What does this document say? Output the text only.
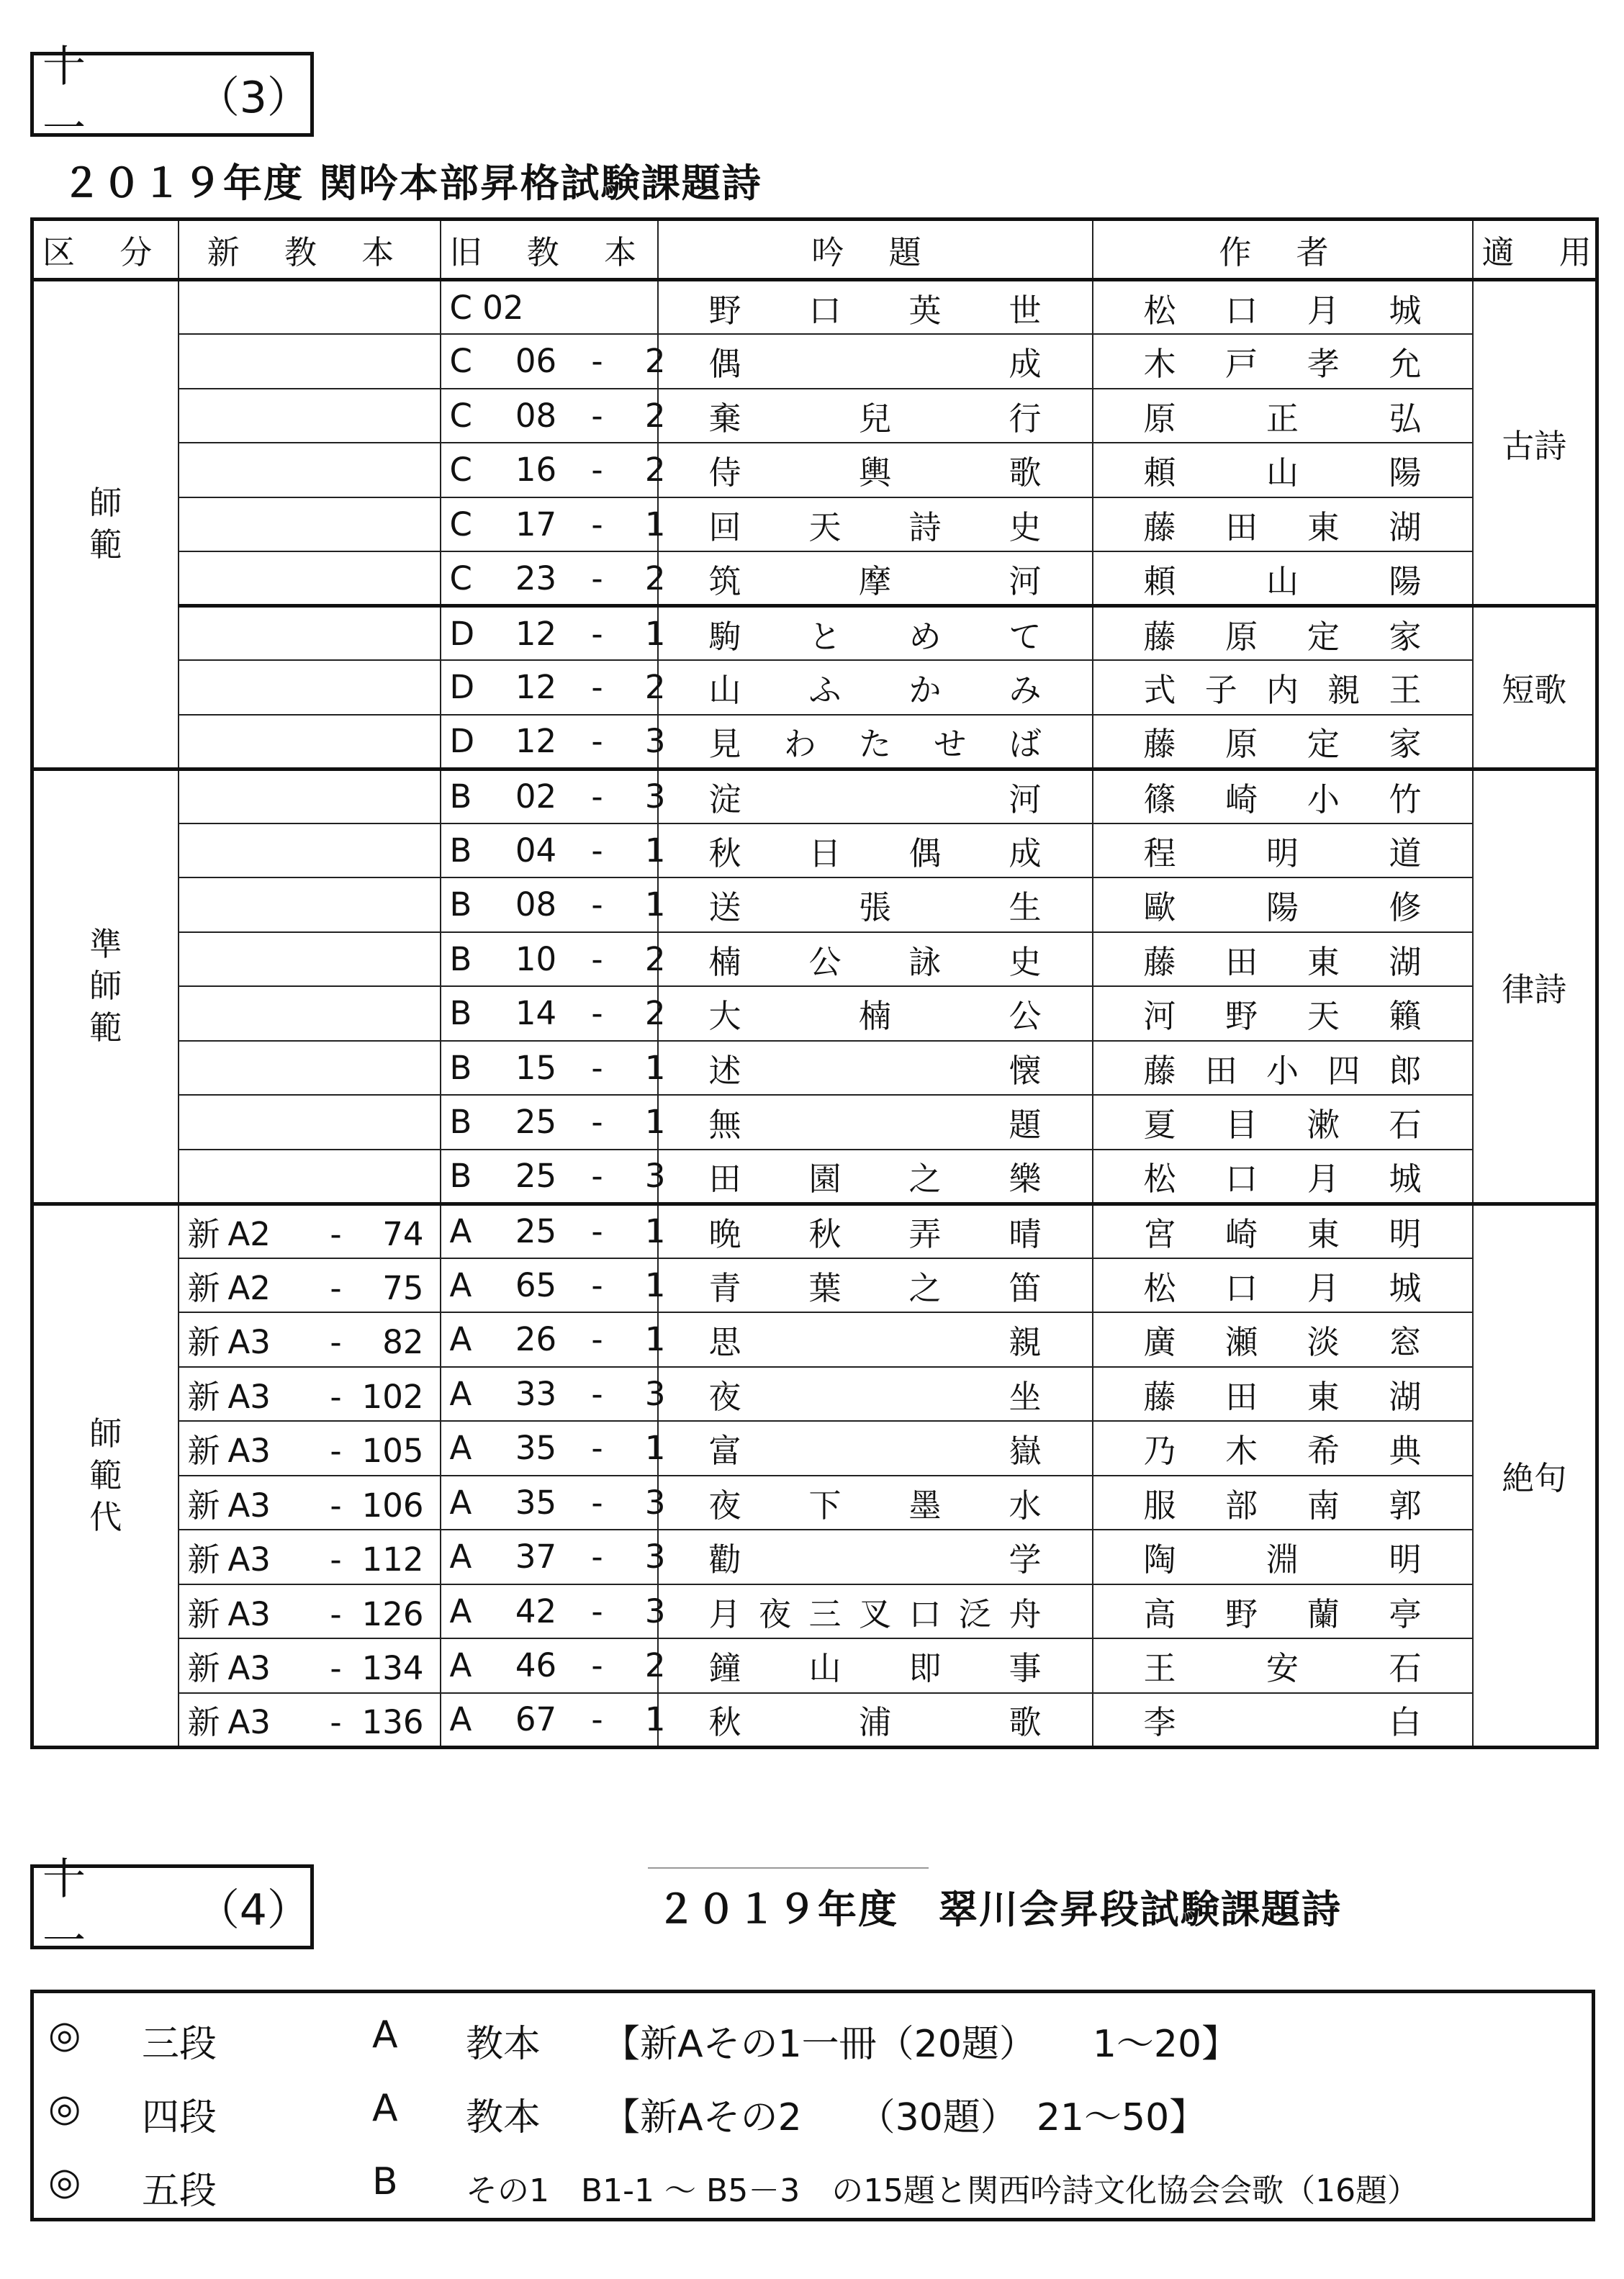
十一
（3）
２０１９年度 関吟本部昇格試験課題詩
区 分	新 教 本	旧 教 本	吟 題	作 者	適 用
師範		C 02	野口英世	松口月城	古詩
		C 06 - 2	偶成	木戸孝允	
		C 08 - 2	棄兒行	原正弘	
		C 16 - 2	侍輿歌	頼山陽	
		C 17 - 1	回天詩史	藤田東湖	
		C 23 - 2	筑摩河	頼山陽	
		D 12 - 1	駒とめて	藤原定家	短歌
		D 12 - 2	山ふかみ	式子内親王	
		D 12 - 3	見わたせば	藤原定家	
準師範		B 02 - 3	淀河	篠崎小竹	律詩
		B 04 - 1	秋日偶成	程明道	
		B 08 - 1	送張生	歐陽修	
		B 10 - 2	楠公詠史	藤田東湖	
		B 14 - 2	大楠公	河野天籟	
		B 15 - 1	述懐	藤田小四郎	
		B 25 - 1	無題	夏目漱石	
		B 25 - 3	田園之樂	松口月城	
師範代	新 A2 - 74	A 25 - 1	晩秋弄晴	宮崎東明	絶句
	新 A2 - 75	A 65 - 1	青葉之笛	松口月城	
	新 A3 - 82	A 26 - 1	思親	廣瀬淡窓	
	新 A3 - 102	A 33 - 3	夜坐	藤田東湖	
	新 A3 - 105	A 35 - 1	富嶽	乃木希典	
	新 A3 - 106	A 35 - 3	夜下墨水	服部南郭	
	新 A3 - 112	A 37 - 3	勸学	陶淵明	
	新 A3 - 126	A 42 - 3	月夜三叉口泛舟	高野蘭亭	
	新 A3 - 134	A 46 - 2	鐘山即事	王安石	
	新 A3 - 136	A 67 - 1	秋浦歌	李白	
十一
（4）	２０１９年度　翠川会昇段試験課題詩
◎ 三段	A 教本 【新Aその1一冊（20題）　　1～20】
◎ 四段	A 教本 【新Aその2　　（30題）　21～50】
◎ 五段	B その1　B1-1 ～ B5－3　の15題と関西吟詩文化協会会歌（16題）
